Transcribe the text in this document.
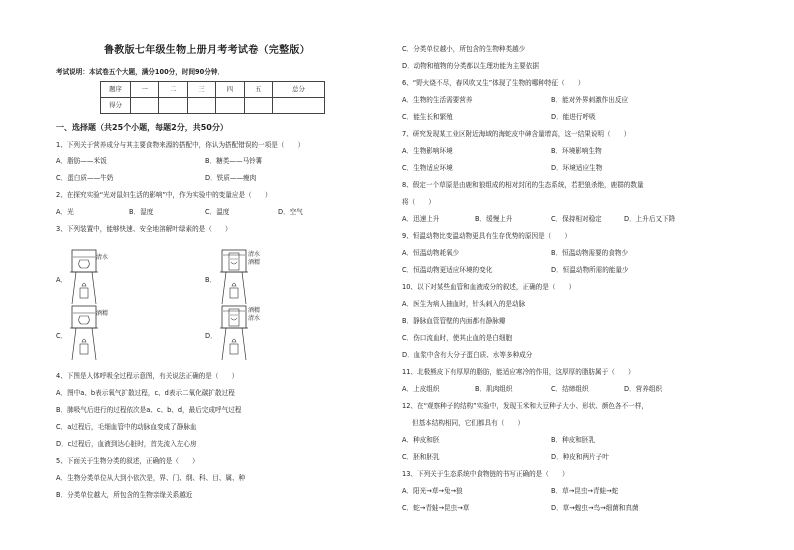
鲁教版七年级生物上册月考考试卷（完整版）
考试说明：本试卷五个大题，满分100分，时间90分钟．
题序	一	二	三	四	五	总分
得分						
一、选择题（共25个小题，每题2分，共50分）
1、下列关于营养成分与其主要食物来源的搭配中，你认为搭配错误的一项是（　　）
A．脂肪——米饭	B．糖类——马铃薯
C．蛋白质——牛奶	D．铁质——瘦肉
2、在探究实验“光对鼠妇生活的影响”中，作为实验中的变量应是（　　）
A．光	B．湿度	C．温度	D．空气
3、下列装置中，能够快速、安全地溶解叶绿素的是（　　）
A．
清水
B．
清水
酒精
C．
酒精
D．
酒精
清水
4、下图是人体呼吸全过程示意图，有关说法正确的是（　　）
A．图中a、b表示氧气扩散过程，c、d表示二氧化碳扩散过程
B．肺吸气后进行的过程依次是a、c、b、d，最后完成呼气过程
C．a过程后，毛细血管中的动脉血变成了静脉血
D．c过程后，血液到达心脏时，首先流入左心房
5、下面关于生物分类的叙述，正确的是（　　）
A．生物分类单位从大到小依次是，界、门、纲、科、目、属、种
B．分类单位越大，所包含的生物亲缘关系越近
C．分类单位越小，所包含的生物种类越少
D．动物和植物的分类都以生理功能为主要依据
6、“野火烧不尽，春风吹又生”体现了生物的哪种特征（　　）
A．生物的生活需要营养	B．能对外界刺激作出反应
C．能生长和繁殖	D．能进行呼吸
7、研究发现某工业区附近海域的海蛇皮中砷含量增高，这一结果说明（　　）
A．生物影响环境	B．环境影响生物
C．生物适应环境	D．环境适应生物
8、假定一个草原是由鹿和狼组成的相对封闭的生态系统，若把狼杀绝，鹿群的数量
将（　　）
A．迅速上升	B．缓慢上升	C．保持相对稳定	D．上升后又下降
9、恒温动物比变温动物更具有生存优势的原因是（　　）
A．恒温动物耗氧少	B．恒温动物需要的食物少
C．恒温动物更适应环境的变化	D．恒温动物所需的能量少
10、以下对某些血管和血液成分的叙述，正确的是（　　）
A．医生为病人抽血时，针头刺入的是动脉
B．静脉血管管壁的内面都有静脉瓣
C．伤口流血时，使其止血的是白细胞
D．血浆中含有大分子蛋白质、水等多种成分
11、北极熊皮下有厚厚的脂肪，能适应寒冷的作用，这厚厚的脂肪属于（　　）
A．上皮组织	B．肌肉组织	C．结缔组织	D．营养组织
12、在“观察种子的结构”实验中，发现玉米和大豆种子大小、形状、颜色各不一样，
但基本结构相同，它们都具有（　　）
A．种皮和胚	B．种皮和胚乳
C．胚和胚乳	D．种皮和两片子叶
13、下列关于生态系统中食物链的书写正确的是（　　）
A．阳光→草→兔→狼	B．草→昆虫→青蛙→蛇
C．蛇→青蛙→昆虫→草	D．草→蝗虫→鸟→细菌和真菌
